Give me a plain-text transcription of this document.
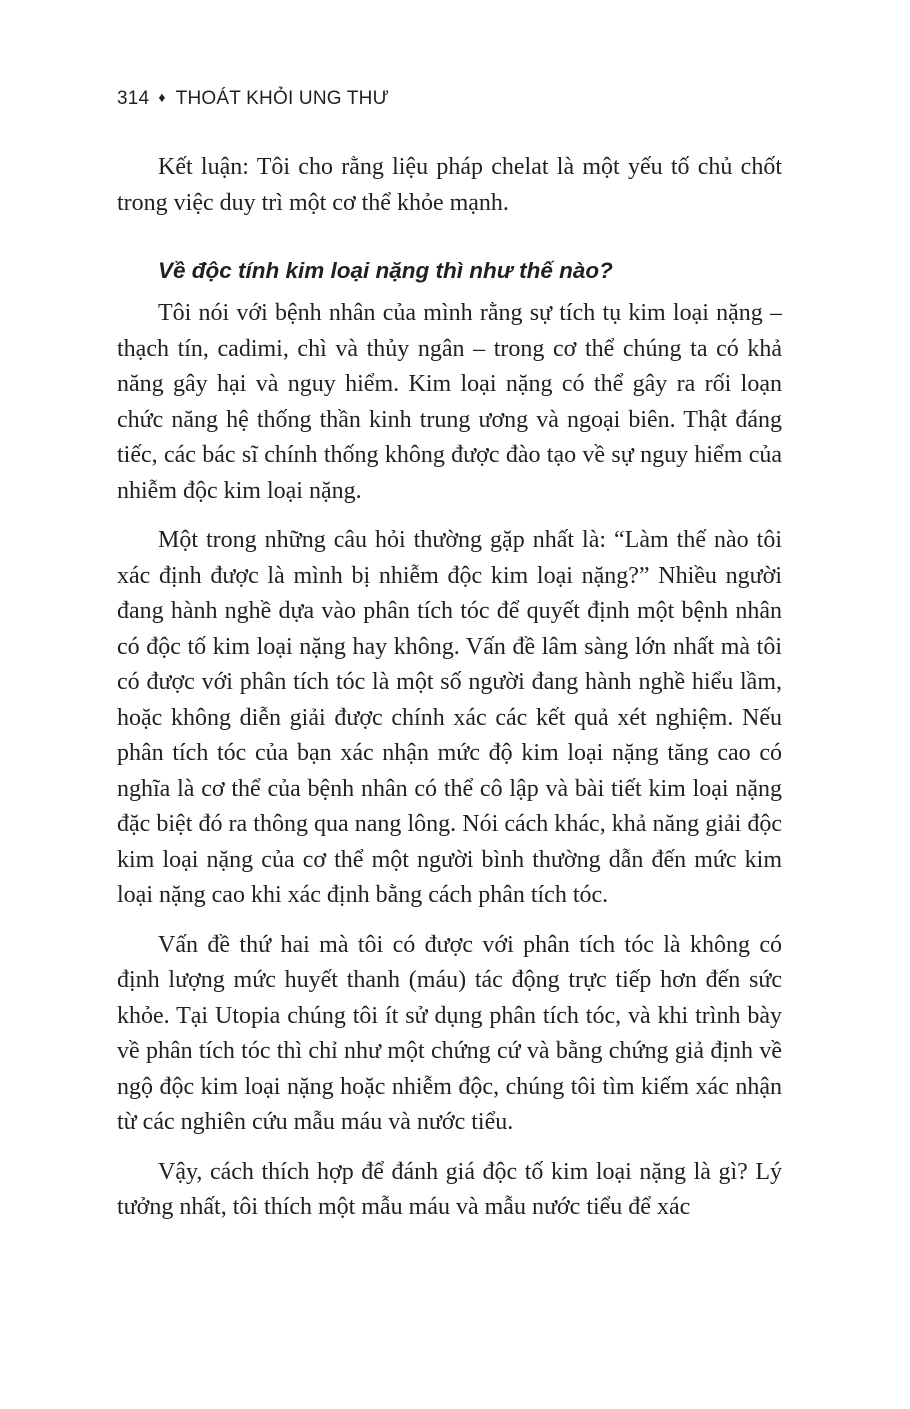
314 ♦ THOÁT KHỎI UNG THƯ

Kết luận: Tôi cho rằng liệu pháp chelat là một yếu tố chủ chốt trong việc duy trì một cơ thể khỏe mạnh.

Về độc tính kim loại nặng thì như thế nào?

Tôi nói với bệnh nhân của mình rằng sự tích tụ kim loại nặng – thạch tín, cadimi, chì và thủy ngân – trong cơ thể chúng ta có khả năng gây hại và nguy hiểm. Kim loại nặng có thể gây ra rối loạn chức năng hệ thống thần kinh trung ương và ngoại biên. Thật đáng tiếc, các bác sĩ chính thống không được đào tạo về sự nguy hiểm của nhiễm độc kim loại nặng.

Một trong những câu hỏi thường gặp nhất là: “Làm thế nào tôi xác định được là mình bị nhiễm độc kim loại nặng?” Nhiều người đang hành nghề dựa vào phân tích tóc để quyết định một bệnh nhân có độc tố kim loại nặng hay không. Vấn đề lâm sàng lớn nhất mà tôi có được với phân tích tóc là một số người đang hành nghề hiểu lầm, hoặc không diễn giải được chính xác các kết quả xét nghiệm. Nếu phân tích tóc của bạn xác nhận mức độ kim loại nặng tăng cao có nghĩa là cơ thể của bệnh nhân có thể cô lập và bài tiết kim loại nặng đặc biệt đó ra thông qua nang lông. Nói cách khác, khả năng giải độc kim loại nặng của cơ thể một người bình thường dẫn đến mức kim loại nặng cao khi xác định bằng cách phân tích tóc.

Vấn đề thứ hai mà tôi có được với phân tích tóc là không có định lượng mức huyết thanh (máu) tác động trực tiếp hơn đến sức khỏe. Tại Utopia chúng tôi ít sử dụng phân tích tóc, và khi trình bày về phân tích tóc thì chỉ như một chứng cứ và bằng chứng giả định về ngộ độc kim loại nặng hoặc nhiễm độc, chúng tôi tìm kiếm xác nhận từ các nghiên cứu mẫu máu và nước tiểu.

Vậy, cách thích hợp để đánh giá độc tố kim loại nặng là gì? Lý tưởng nhất, tôi thích một mẫu máu và mẫu nước tiểu để xác
